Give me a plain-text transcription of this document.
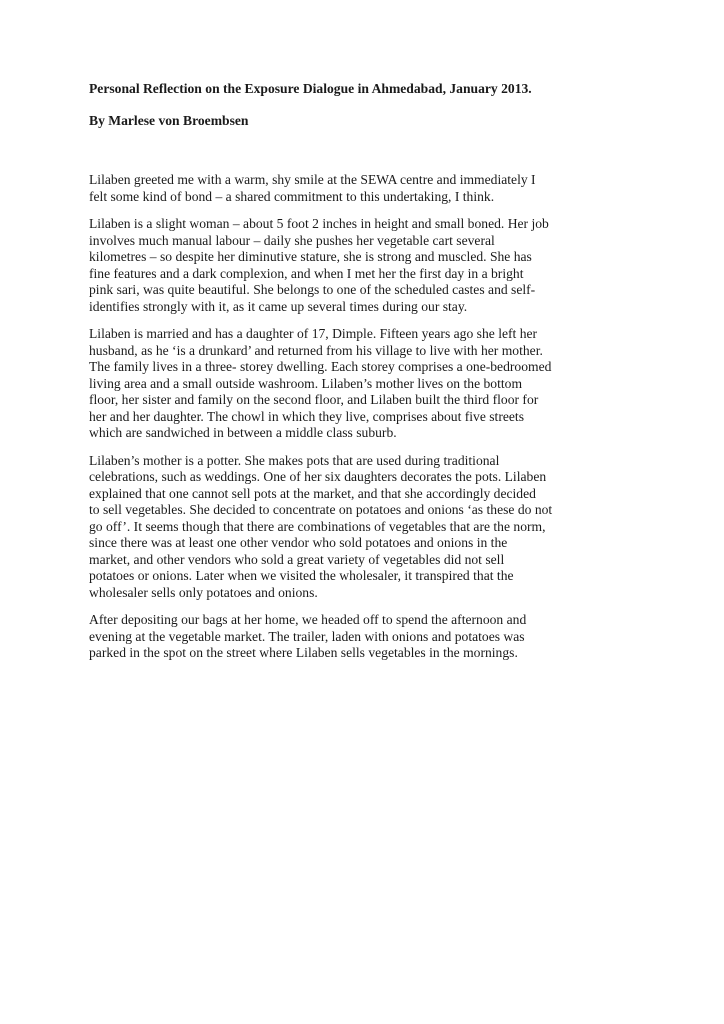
Personal Reflection on the Exposure Dialogue in Ahmedabad, January 2013.

By Marlese von Broembsen

Lilaben greeted me with a warm, shy smile at the SEWA centre and immediately I
felt some kind of bond – a shared commitment to this undertaking, I think.

Lilaben is a slight woman – about 5 foot 2 inches in height and small boned. Her job
involves much manual labour – daily she pushes her vegetable cart several
kilometres – so despite her diminutive stature, she is strong and muscled. She has
fine features and a dark complexion, and when I met her the first day in a bright
pink sari, was quite beautiful. She belongs to one of the scheduled castes and self-
identifies strongly with it, as it came up several times during our stay.

Lilaben is married and has a daughter of 17, Dimple. Fifteen years ago she left her
husband, as he ‘is a drunkard’ and returned from his village to live with her mother.
The family lives in a three- storey dwelling. Each storey comprises a one-bedroomed
living area and a small outside washroom. Lilaben’s mother lives on the bottom
floor, her sister and family on the second floor, and Lilaben built the third floor for
her and her daughter. The chowl in which they live, comprises about five streets
which are sandwiched in between a middle class suburb.

Lilaben’s mother is a potter. She makes pots that are used during traditional
celebrations, such as weddings. One of her six daughters decorates the pots. Lilaben
explained that one cannot sell pots at the market, and that she accordingly decided
to sell vegetables. She decided to concentrate on potatoes and onions ‘as these do not
go off’. It seems though that there are combinations of vegetables that are the norm,
since there was at least one other vendor who sold potatoes and onions in the
market, and other vendors who sold a great variety of vegetables did not sell
potatoes or onions. Later when we visited the wholesaler, it transpired that the
wholesaler sells only potatoes and onions.

After depositing our bags at her home, we headed off to spend the afternoon and
evening at the vegetable market. The trailer, laden with onions and potatoes was
parked in the spot on the street where Lilaben sells vegetables in the mornings.
